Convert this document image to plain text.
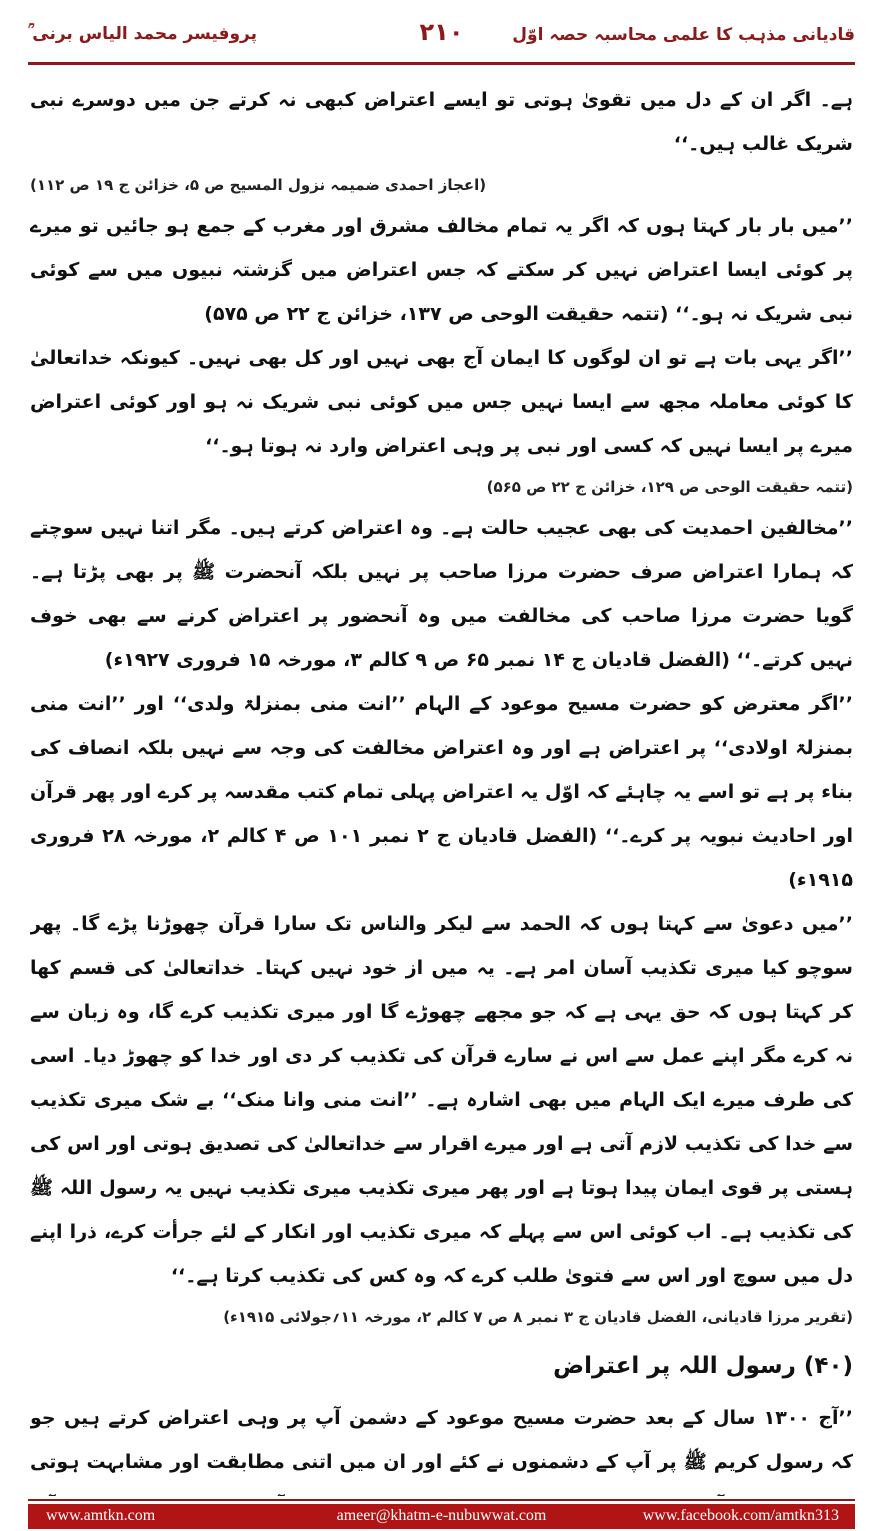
پروفیسر محمد الیاس برنی ؒ	۲۱۰	قادیانی مذہب کا علمی محاسبہ حصہ اوّل

ہے۔ اگر ان کے دل میں تقویٰ ہوتی تو ایسے اعتراض کبھی نہ کرتے جن میں دوسرے نبی شریک غالب ہیں۔‘‘

(اعجاز احمدی ضمیمہ نزول المسیح ص ۵، خزائن ج ۱۹ ص ۱۱۲)

’’میں بار بار کہتا ہوں کہ اگر یہ تمام مخالف مشرق اور مغرب کے جمع ہو جائیں تو میرے پر کوئی ایسا اعتراض نہیں کر سکتے کہ جس اعتراض میں گزشتہ نبیوں میں سے کوئی نبی شریک نہ ہو۔‘‘ (تتمہ حقیقت الوحی ص ۱۳۷، خزائن ج ۲۲ ص ۵۷۵)

’’اگر یہی بات ہے تو ان لوگوں کا ایمان آج بھی نہیں اور کل بھی نہیں۔ کیونکہ خداتعالیٰ کا کوئی معاملہ مجھ سے ایسا نہیں جس میں کوئی نبی شریک نہ ہو اور کوئی اعتراض میرے پر ایسا نہیں کہ کسی اور نبی پر وہی اعتراض وارد نہ ہوتا ہو۔‘‘

(تتمہ حقیقت الوحی ص ۱۲۹، خزائن ج ۲۲ ص ۵۶۵)

’’مخالفین احمدیت کی بھی عجیب حالت ہے۔ وہ اعتراض کرتے ہیں۔ مگر اتنا نہیں سوچتے کہ ہمارا اعتراض صرف حضرت مرزا صاحب پر نہیں بلکہ آنحضرت ﷺ پر بھی پڑتا ہے۔ گویا حضرت مرزا صاحب کی مخالفت میں وہ آنحضور پر اعتراض کرنے سے بھی خوف نہیں کرتے۔‘‘ (الفضل قادیان ج ۱۴ نمبر ۶۵ ص ۹ کالم ۳، مورخہ ۱۵ فروری ۱۹۲۷ء)

’’اگر معترض کو حضرت مسیح موعود کے الہام ’’انت منی بمنزلۃ ولدی‘‘ اور ’’انت منی بمنزلۃ اولادی‘‘ پر اعتراض ہے اور وہ اعتراض مخالفت کی وجہ سے نہیں بلکہ انصاف کی بناء پر ہے تو اسے یہ چاہئے کہ اوّل یہ اعتراض پہلی تمام کتب مقدسہ پر کرے اور پھر قرآن اور احادیث نبویہ پر کرے۔‘‘ (الفضل قادیان ج ۲ نمبر ۱۰۱ ص ۴ کالم ۲، مورخہ ۲۸ فروری ۱۹۱۵ء)

’’میں دعویٰ سے کہتا ہوں کہ الحمد سے لیکر والناس تک سارا قرآن چھوڑنا پڑے گا۔ پھر سوچو کیا میری تکذیب آسان امر ہے۔ یہ میں از خود نہیں کہتا۔ خداتعالیٰ کی قسم کھا کر کہتا ہوں کہ حق یہی ہے کہ جو مجھے چھوڑے گا اور میری تکذیب کرے گا، وہ زبان سے نہ کرے مگر اپنے عمل سے اس نے سارے قرآن کی تکذیب کر دی اور خدا کو چھوڑ دیا۔ اسی کی طرف میرے ایک الہام میں بھی اشارہ ہے۔ ’’انت منی وانا منک‘‘ بے شک میری تکذیب سے خدا کی تکذیب لازم آتی ہے اور میرے اقرار سے خداتعالیٰ کی تصدیق ہوتی اور اس کی ہستی پر قوی ایمان پیدا ہوتا ہے اور پھر میری تکذیب میری تکذیب نہیں یہ رسول اللہ ﷺ کی تکذیب ہے۔ اب کوئی اس سے پہلے کہ میری تکذیب اور انکار کے لئے جرأت کرے، ذرا اپنے دل میں سوچ اور اس سے فتویٰ طلب کرے کہ وہ کس کی تکذیب کرتا ہے۔‘‘

(تقریر مرزا قادیانی، الفضل قادیان ج ۳ نمبر ۸ ص ۷ کالم ۲، مورخہ ۱۱؍جولائی ۱۹۱۵ء)

(۴۰) رسول اللہ پر اعتراض

’’آج ۱۳۰۰ سال کے بعد حضرت مسیح موعود کے دشمن آپ پر وہی اعتراض کرتے ہیں جو کہ رسول کریم ﷺ پر آپ کے دشمنوں نے کئے اور ان میں اتنی مطابقت اور مشابہت ہوتی

www.amtkn.com	ameer@khatm-e-nubuwwat.com	www.facebook.com/amtkn313
